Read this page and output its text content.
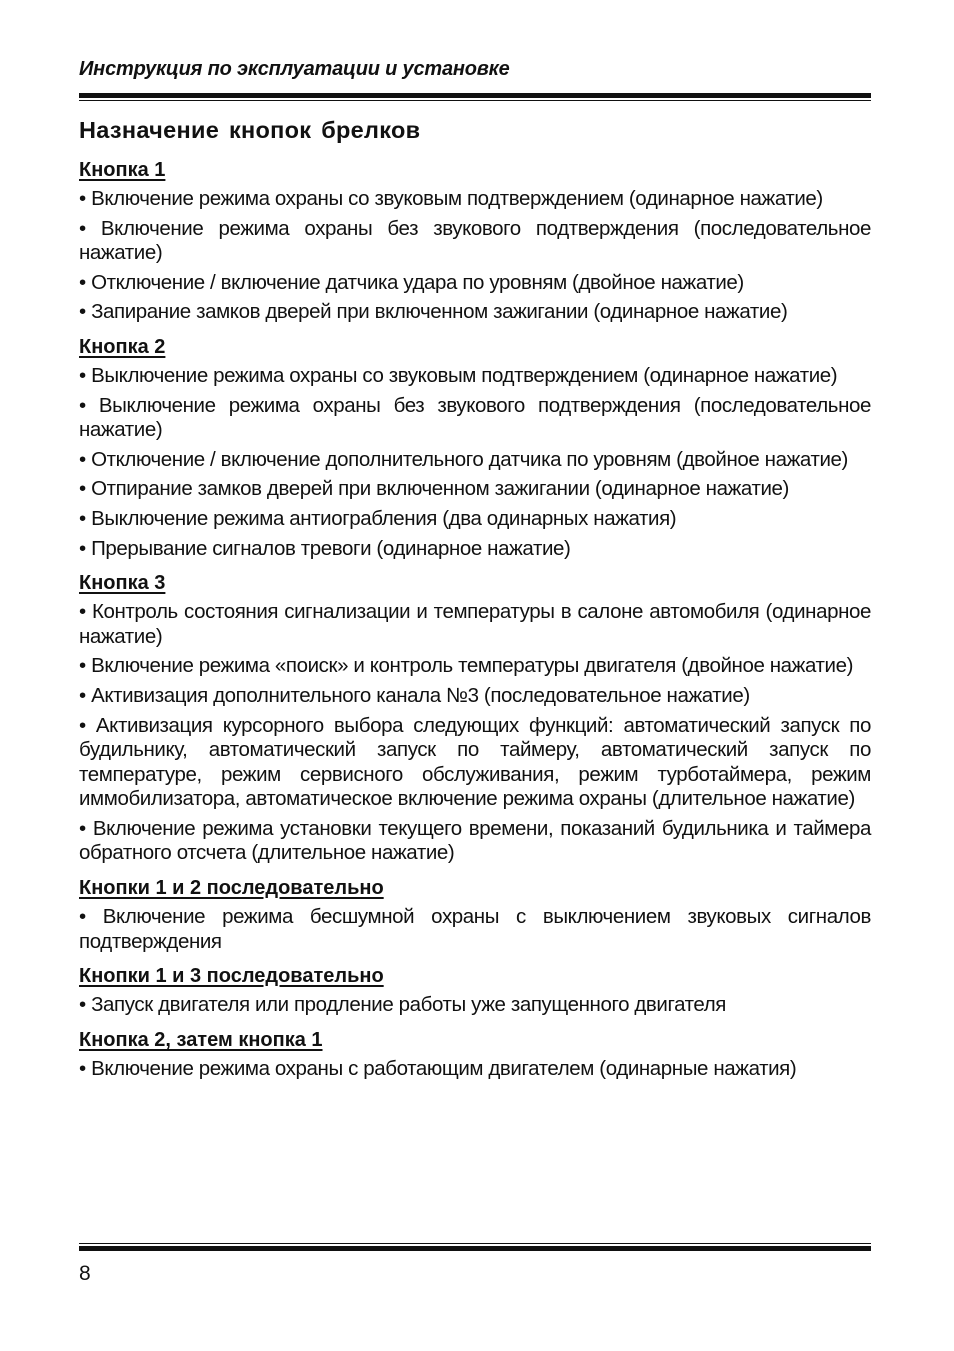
Инструкция по эксплуатации и установке
Назначение кнопок брелков
Кнопка 1

• Включение режима охраны со звуковым подтверждением (одинарное нажатие)

• Включение режима охраны без звукового подтверждения (последовательное нажатие)

• Отключение / включение датчика удара по уровням (двойное нажатие)

• Запирание замков дверей при включенном зажигании (одинарное нажатие)

Кнопка 2

• Выключение режима охраны со звуковым подтверждением (одинарное нажатие)

• Выключение режима охраны без звукового подтверждения (последовательное нажатие)

• Отключение / включение дополнительного датчика по уровням (двойное нажатие)

• Отпирание замков дверей при включенном зажигании (одинарное нажатие)

• Выключение режима антиограбления (два одинарных нажатия)

• Прерывание сигналов тревоги (одинарное нажатие)

Кнопка 3

• Контроль состояния сигнализации и температуры в салоне автомобиля (одинарное нажатие)

• Включение режима «поиск» и контроль температуры двигателя (двойное нажатие)

• Активизация дополнительного канала №3 (последовательное нажатие)

• Активизация курсорного выбора следующих функций: автоматический запуск по будильнику, автоматический запуск по таймеру, автоматический запуск по температуре, режим сервисного обслуживания, режим турботаймера, режим иммобилизатора, автоматическое включение режима охраны (длительное нажатие)

• Включение режима установки текущего времени, показаний будильника и таймера обратного отсчета (длительное нажатие)

Кнопки 1 и 2 последовательно

• Включение режима бесшумной охраны с выключением звуковых сигналов подтверждения

Кнопки 1 и 3 последовательно

• Запуск двигателя или продление работы уже запущенного двигателя

Кнопка 2, затем кнопка 1

• Включение режима охраны с работающим двигателем (одинарные нажатия)

8
